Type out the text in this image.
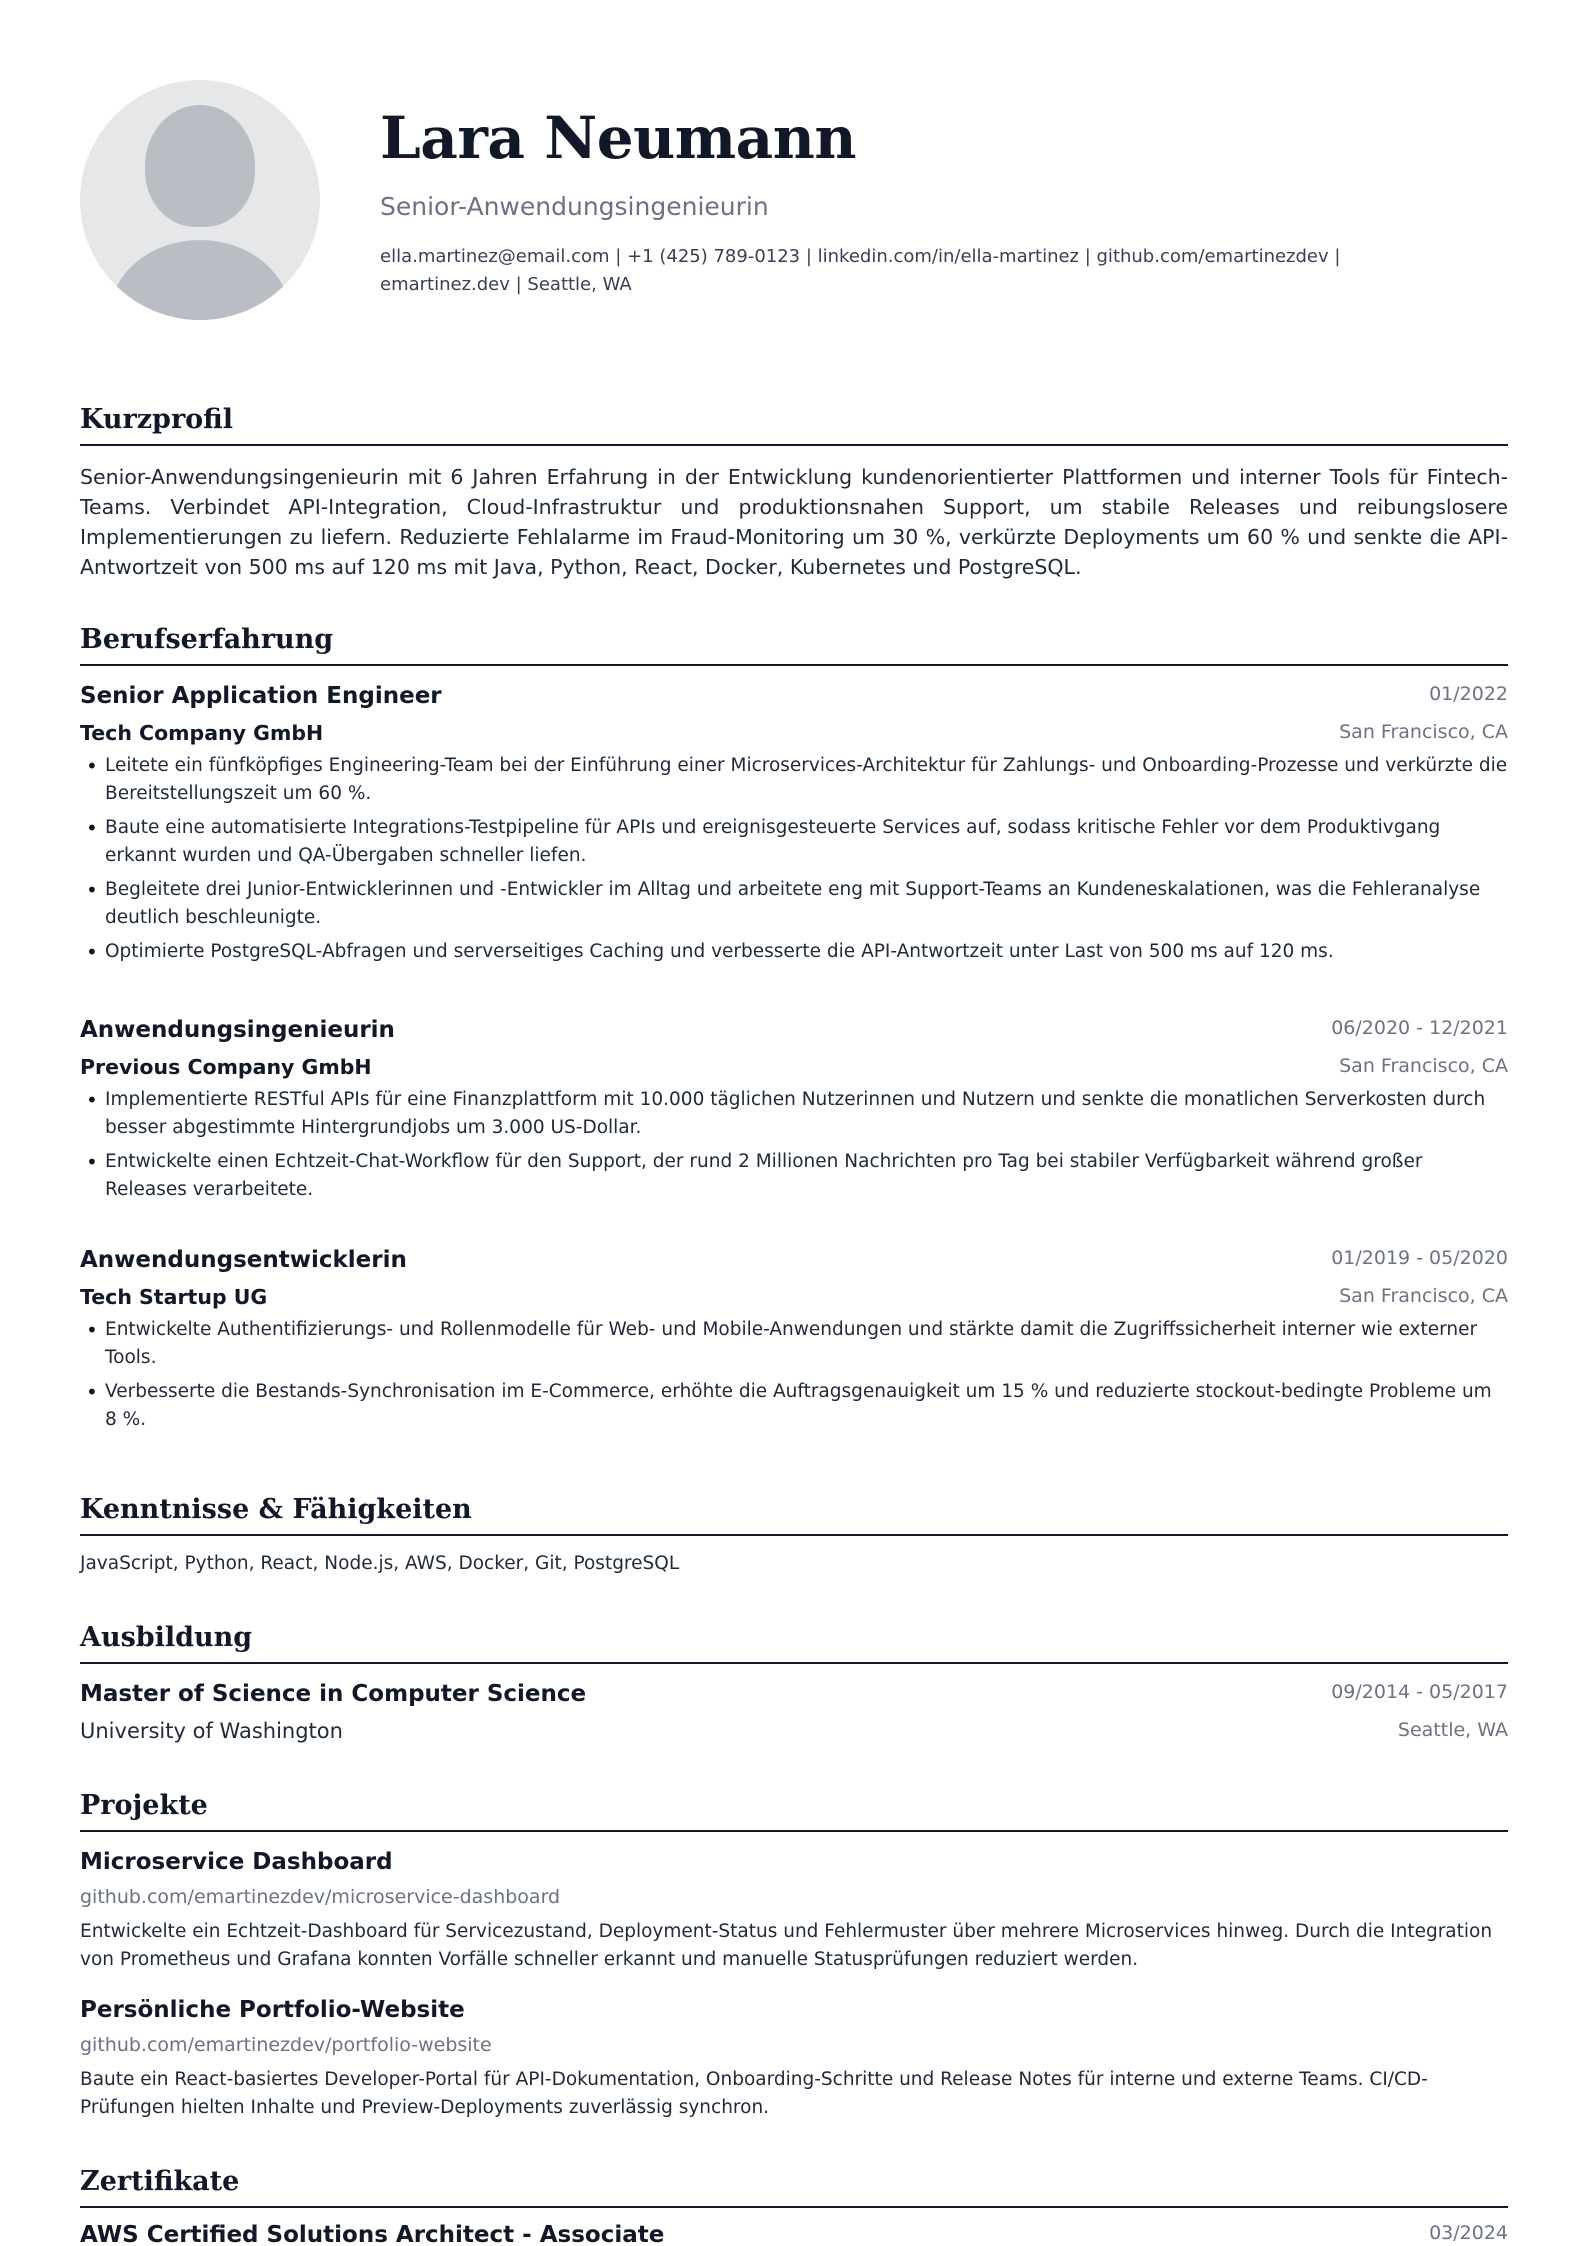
Lara Neumann
Senior-Anwendungsingenieurin
ella.martinez@email.com | +1 (425) 789-0123 | linkedin.com/in/ella-martinez | github.com/emartinezdev | emartinez.dev | Seattle, WA
Kurzprofil
Senior-Anwendungsingenieurin mit 6 Jahren Erfahrung in der Entwicklung kundenorientierter Plattformen und interner Tools für Fintech-Teams. Verbindet API-Integration, Cloud-Infrastruktur und produktionsnahen Support, um stabile Releases und reibungslosere Implementierungen zu liefern. Reduzierte Fehlalarme im Fraud-Monitoring um 30 %, verkürzte Deployments um 60 % und senkte die API-Antwortzeit von 500 ms auf 120 ms mit Java, Python, React, Docker, Kubernetes und PostgreSQL.
Berufserfahrung
Senior Application Engineer	01/2022
Tech Company GmbH	San Francisco, CA
• Leitete ein fünfköpfiges Engineering-Team bei der Einführung einer Microservices-Architektur für Zahlungs- und Onboarding-Prozesse und verkürzte die Bereitstellungszeit um 60 %.
• Baute eine automatisierte Integrations-Testpipeline für APIs und ereignisgesteuerte Services auf, sodass kritische Fehler vor dem Produktivgang erkannt wurden und QA-Übergaben schneller liefen.
• Begleitete drei Junior-Entwicklerinnen und -Entwickler im Alltag und arbeitete eng mit Support-Teams an Kundeneskalationen, was die Fehleranalyse deutlich beschleunigte.
• Optimierte PostgreSQL-Abfragen und serverseitiges Caching und verbesserte die API-Antwortzeit unter Last von 500 ms auf 120 ms.
Anwendungsingenieurin	06/2020 - 12/2021
Previous Company GmbH	San Francisco, CA
• Implementierte RESTful APIs für eine Finanzplattform mit 10.000 täglichen Nutzerinnen und Nutzern und senkte die monatlichen Serverkosten durch besser abgestimmte Hintergrundjobs um 3.000 US-Dollar.
• Entwickelte einen Echtzeit-Chat-Workflow für den Support, der rund 2 Millionen Nachrichten pro Tag bei stabiler Verfügbarkeit während großer Releases verarbeitete.
Anwendungsentwicklerin	01/2019 - 05/2020
Tech Startup UG	San Francisco, CA
• Entwickelte Authentifizierungs- und Rollenmodelle für Web- und Mobile-Anwendungen und stärkte damit die Zugriffssicherheit interner wie externer Tools.
• Verbesserte die Bestands-Synchronisation im E-Commerce, erhöhte die Auftragsgenauigkeit um 15 % und reduzierte stockout-bedingte Probleme um 8 %.
Kenntnisse & Fähigkeiten
JavaScript, Python, React, Node.js, AWS, Docker, Git, PostgreSQL
Ausbildung
Master of Science in Computer Science	09/2014 - 05/2017
University of Washington	Seattle, WA
Projekte
Microservice Dashboard
github.com/emartinezdev/microservice-dashboard
Entwickelte ein Echtzeit-Dashboard für Servicezustand, Deployment-Status und Fehlermuster über mehrere Microservices hinweg. Durch die Integration von Prometheus und Grafana konnten Vorfälle schneller erkannt und manuelle Statusprüfungen reduziert werden.
Persönliche Portfolio-Website
github.com/emartinezdev/portfolio-website
Baute ein React-basiertes Developer-Portal für API-Dokumentation, Onboarding-Schritte und Release Notes für interne und externe Teams. CI/CD-Prüfungen hielten Inhalte und Preview-Deployments zuverlässig synchron.
Zertifikate
AWS Certified Solutions Architect - Associate	03/2024
